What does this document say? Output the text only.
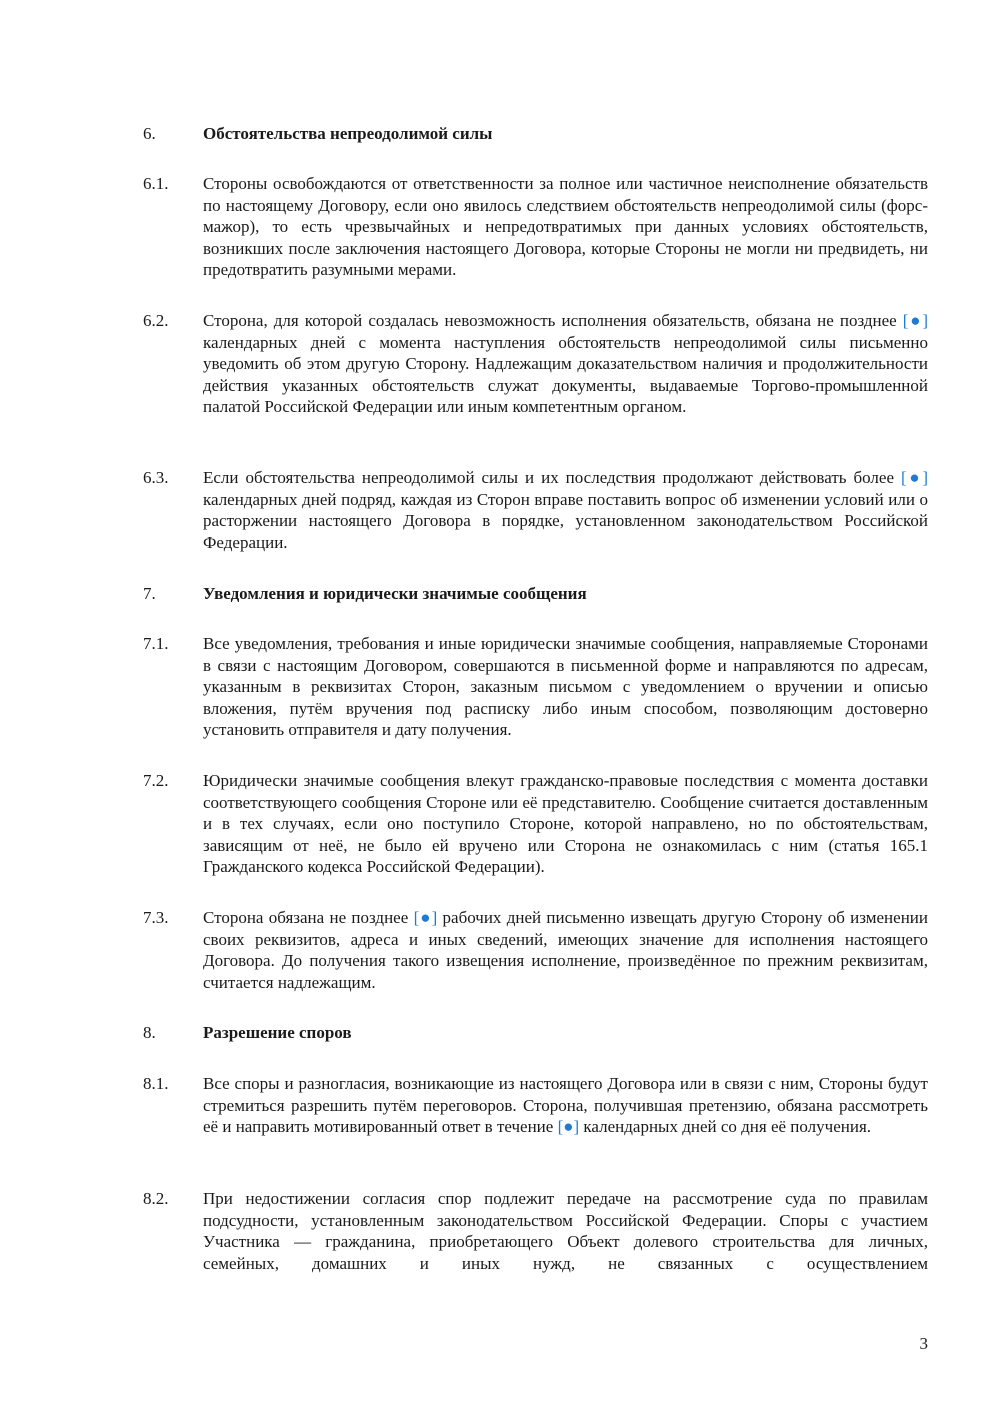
6.	Обстоятельства непреодолимой силы
6.1. Стороны освобождаются от ответственности за полное или частичное неисполнение обязательств по настоящему Договору, если оно явилось следствием обстоятельств непреодолимой силы (форс-мажор), то есть чрезвычайных и непредотвратимых при данных условиях обстоятельств, возникших после заключения настоящего Договора, которые Стороны не могли ни предвидеть, ни предотвратить разумными мерами.
6.2. Сторона, для которой создалась невозможность исполнения обязательств, обязана не позднее [●] календарных дней с момента наступления обстоятельств непреодолимой силы письменно уведомить об этом другую Сторону. Надлежащим доказательством наличия и продолжительности действия указанных обстоятельств служат документы, выдаваемые Торгово-промышленной палатой Российской Федерации или иным компетентным органом.
6.3. Если обстоятельства непреодолимой силы и их последствия продолжают действовать более [●] календарных дней подряд, каждая из Сторон вправе поставить вопрос об изменении условий или о расторжении настоящего Договора в порядке, установленном законодательством Российской Федерации.
7.	Уведомления и юридически значимые сообщения
7.1. Все уведомления, требования и иные юридически значимые сообщения, направляемые Сторонами в связи с настоящим Договором, совершаются в письменной форме и направляются по адресам, указанным в реквизитах Сторон, заказным письмом с уведомлением о вручении и описью вложения, путём вручения под расписку либо иным способом, позволяющим достоверно установить отправителя и дату получения.
7.2. Юридически значимые сообщения влекут гражданско-правовые последствия с момента доставки соответствующего сообщения Стороне или её представителю. Сообщение считается доставленным и в тех случаях, если оно поступило Стороне, которой направлено, но по обстоятельствам, зависящим от неё, не было ей вручено или Сторона не ознакомилась с ним (статья 165.1 Гражданского кодекса Российской Федерации).
7.3. Сторона обязана не позднее [●] рабочих дней письменно извещать другую Сторону об изменении своих реквизитов, адреса и иных сведений, имеющих значение для исполнения настоящего Договора. До получения такого извещения исполнение, произведённое по прежним реквизитам, считается надлежащим.
8.	Разрешение споров
8.1. Все споры и разногласия, возникающие из настоящего Договора или в связи с ним, Стороны будут стремиться разрешить путём переговоров. Сторона, получившая претензию, обязана рассмотреть её и направить мотивированный ответ в течение [●] календарных дней со дня её получения.
8.2. При недостижении согласия спор подлежит передаче на рассмотрение суда по правилам подсудности, установленным законодательством Российской Федерации. Споры с участием Участника — гражданина, приобретающего Объект долевого строительства для личных, семейных, домашних и иных нужд, не связанных с осуществлением
3
